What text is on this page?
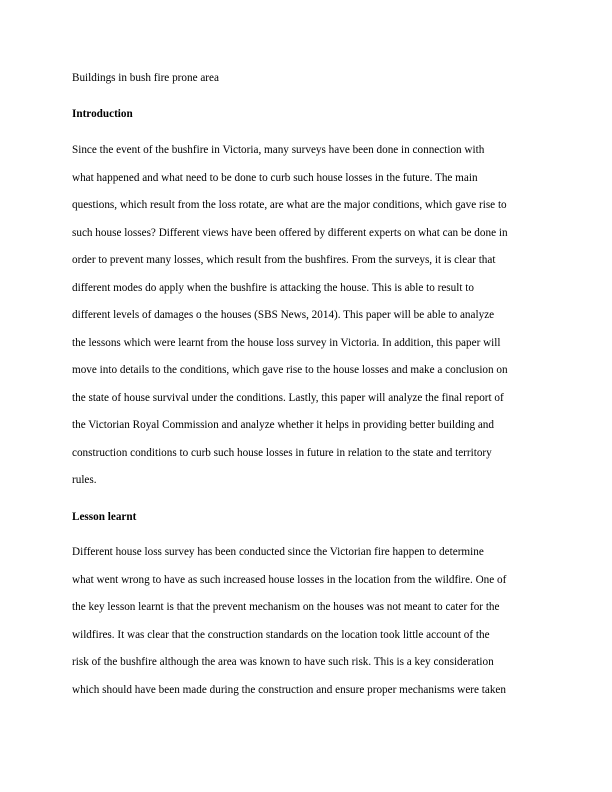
Buildings in bush fire prone area

Introduction

Since the event of the bushfire in Victoria, many surveys have been done in connection with
what happened and what need to be done to curb such house losses in the future. The main
questions, which result from the loss rotate, are what are the major conditions, which gave rise to
such house losses? Different views have been offered by different experts on what can be done in
order to prevent many losses, which result from the bushfires. From the surveys, it is clear that
different modes do apply when the bushfire is attacking the house. This is able to result to
different levels of damages o the houses (SBS News, 2014). This paper will be able to analyze
the lessons which were learnt from the house loss survey in Victoria. In addition, this paper will
move into details to the conditions, which gave rise to the house losses and make a conclusion on
the state of house survival under the conditions. Lastly, this paper will analyze the final report of
the Victorian Royal Commission and analyze whether it helps in providing better building and
construction conditions to curb such house losses in future in relation to the state and territory
rules.

Lesson learnt

Different house loss survey has been conducted since the Victorian fire happen to determine
what went wrong to have as such increased house losses in the location from the wildfire. One of
the key lesson learnt is that the prevent mechanism on the houses was not meant to cater for the
wildfires. It was clear that the construction standards on the location took little account of the
risk of the bushfire although the area was known to have such risk. This is a key consideration
which should have been made during the construction and ensure proper mechanisms were taken
